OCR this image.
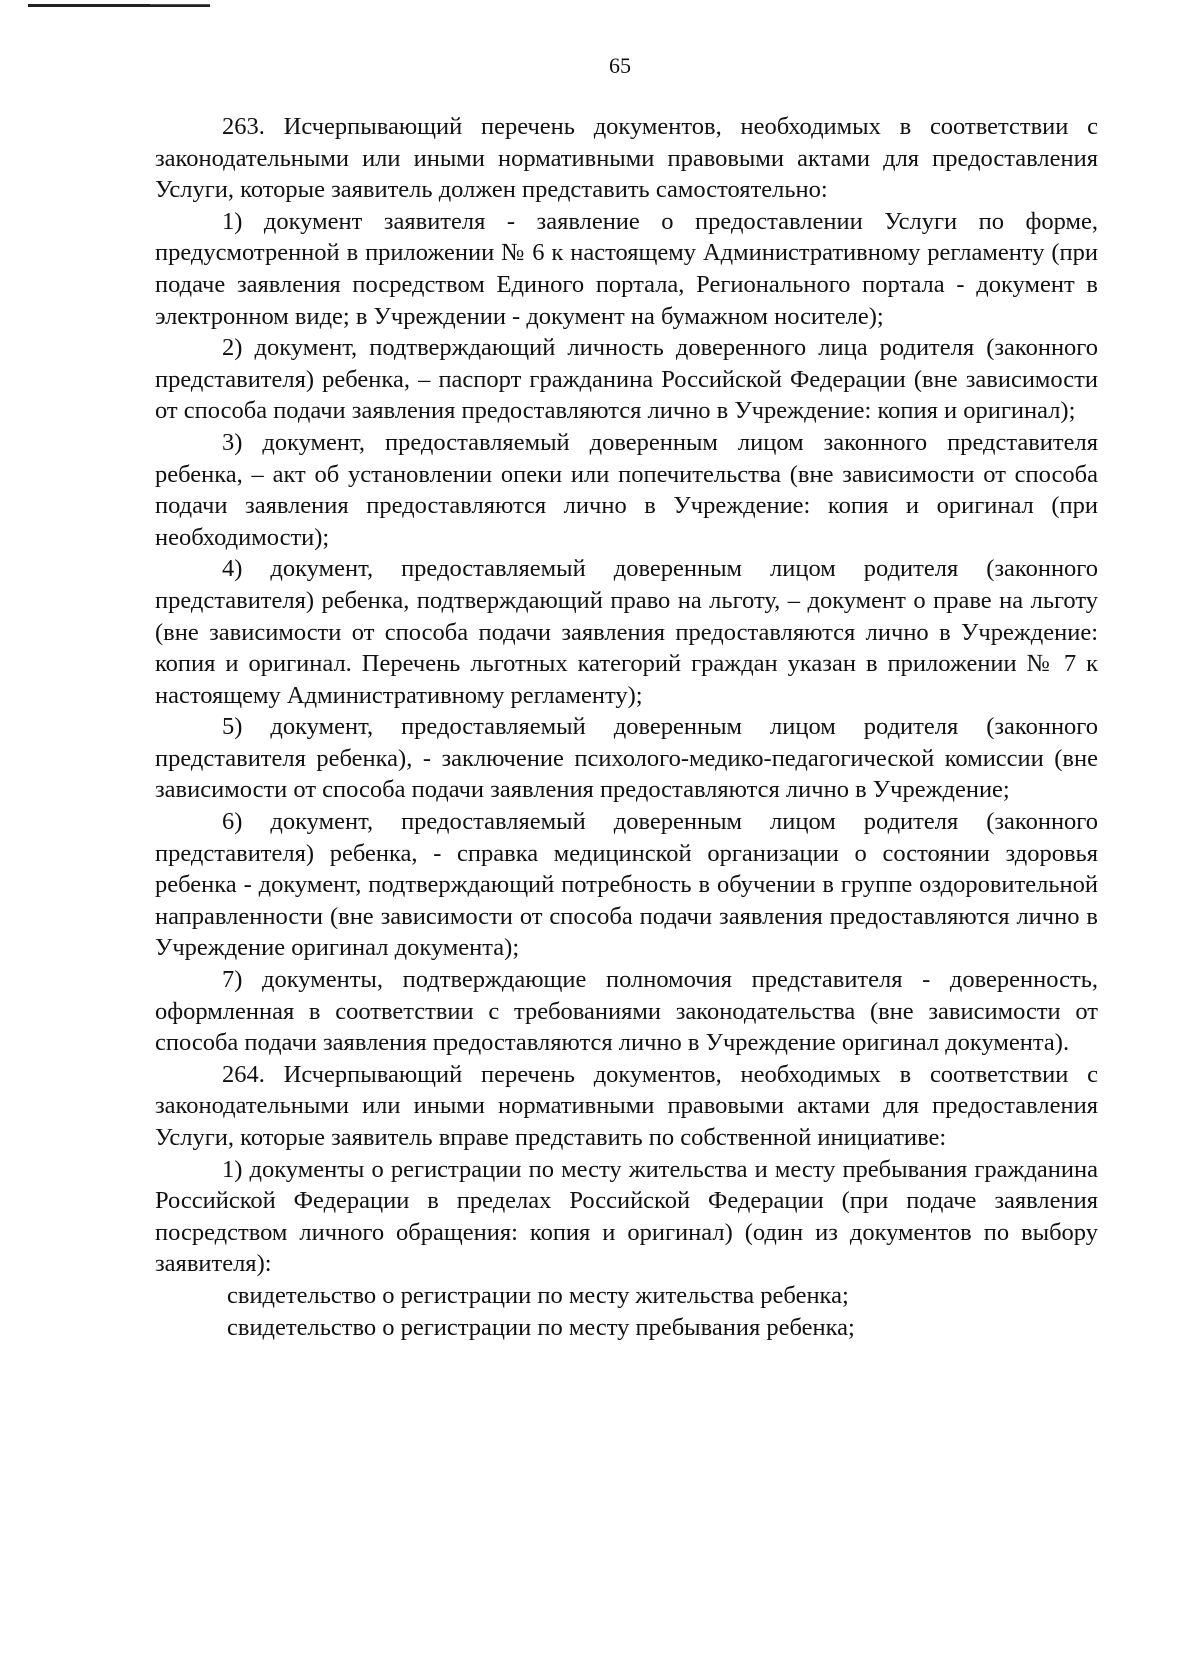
65

263. Исчерпывающий перечень документов, необходимых в соответствии с законодательными или иными нормативными правовыми актами для предоставления Услуги, которые заявитель должен представить самостоятельно:

1) документ заявителя - заявление о предоставлении Услуги по форме, предусмотренной в приложении № 6 к настоящему Административному регламенту (при подаче заявления посредством Единого портала, Регионального портала - документ в электронном виде; в Учреждении - документ на бумажном носителе);

2) документ, подтверждающий личность доверенного лица родителя (законного представителя) ребенка, – паспорт гражданина Российской Федерации (вне зависимости от способа подачи заявления предоставляются лично в Учреждение: копия и оригинал);

3) документ, предоставляемый доверенным лицом законного представителя ребенка, – акт об установлении опеки или попечительства (вне зависимости от способа подачи заявления предоставляются лично в Учреждение: копия и оригинал (при необходимости);

4) документ, предоставляемый доверенным лицом родителя (законного представителя) ребенка, подтверждающий право на льготу, – документ о праве на льготу (вне зависимости от способа подачи заявления предоставляются лично в Учреждение: копия и оригинал. Перечень льготных категорий граждан указан в приложении № 7 к настоящему Административному регламенту);

5) документ, предоставляемый доверенным лицом родителя (законного представителя ребенка), - заключение психолого-медико-педагогической комиссии (вне зависимости от способа подачи заявления предоставляются лично в Учреждение;

6) документ, предоставляемый доверенным лицом родителя (законного представителя) ребенка, - справка медицинской организации о состоянии здоровья ребенка - документ, подтверждающий потребность в обучении в группе оздоровительной направленности (вне зависимости от способа подачи заявления предоставляются лично в Учреждение оригинал документа);

7) документы, подтверждающие полномочия представителя - доверенность, оформленная в соответствии с требованиями законодательства (вне зависимости от способа подачи заявления предоставляются лично в Учреждение оригинал документа).

264. Исчерпывающий перечень документов, необходимых в соответствии с законодательными или иными нормативными правовыми актами для предоставления Услуги, которые заявитель вправе представить по собственной инициативе:

1) документы о регистрации по месту жительства и месту пребывания гражданина Российской Федерации в пределах Российской Федерации (при подаче заявления посредством личного обращения: копия и оригинал) (один из документов по выбору заявителя):

свидетельство о регистрации по месту жительства ребенка;

свидетельство о регистрации по месту пребывания ребенка;
